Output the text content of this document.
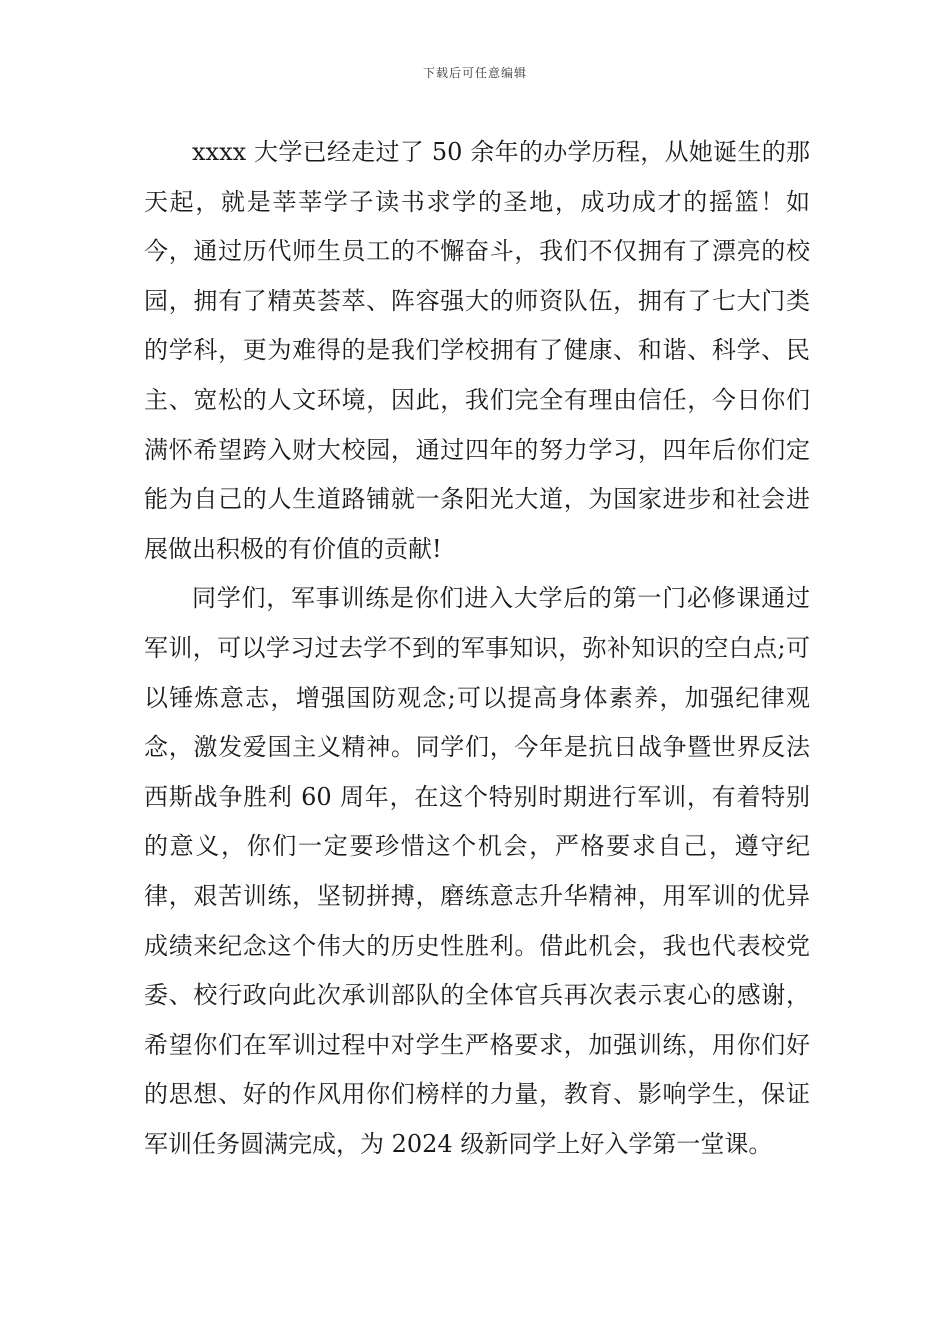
下载后可任意编辑

xxxx 大学已经走过了 50 余年的办学历程，从她诞生的那天起，就是莘莘学子读书求学的圣地，成功成才的摇篮！如今，通过历代师生员工的不懈奋斗，我们不仅拥有了漂亮的校园，拥有了精英荟萃、阵容强大的师资队伍，拥有了七大门类的学科，更为难得的是我们学校拥有了健康、和谐、科学、民主、宽松的人文环境，因此，我们完全有理由信任，今日你们满怀希望跨入财大校园，通过四年的努力学习，四年后你们定能为自己的人生道路铺就一条阳光大道，为国家进步和社会进展做出积极的有价值的贡献!

同学们，军事训练是你们进入大学后的第一门必修课通过军训，可以学习过去学不到的军事知识，弥补知识的空白点;可以锤炼意志，增强国防观念;可以提高身体素养，加强纪律观念，激发爱国主义精神。同学们，今年是抗日战争暨世界反法西斯战争胜利 60 周年，在这个特别时期进行军训，有着特别的意义，你们一定要珍惜这个机会，严格要求自己，遵守纪律，艰苦训练，坚韧拼搏，磨练意志升华精神，用军训的优异成绩来纪念这个伟大的历史性胜利。借此机会，我也代表校党委、校行政向此次承训部队的全体官兵再次表示衷心的感谢，希望你们在军训过程中对学生严格要求，加强训练，用你们好的思想、好的作风用你们榜样的力量，教育、影响学生，保证军训任务圆满完成，为 2024 级新同学上好入学第一堂课。
